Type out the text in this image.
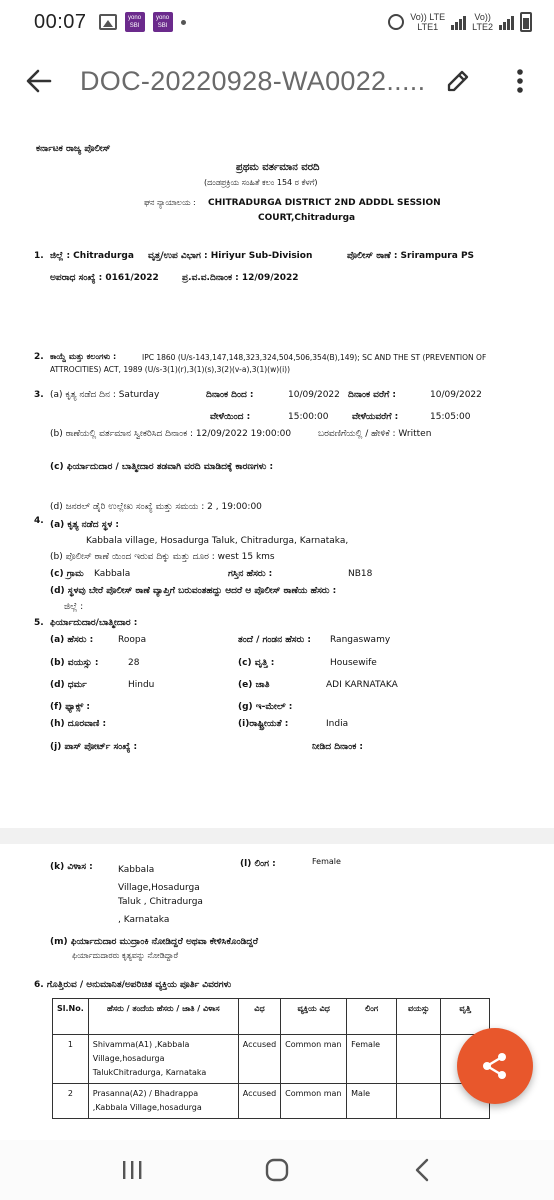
00:07	yono SBI
yono SBI
Vo)) LTE
LTE1
Vo))
LTE2
DOC-20220928-WA0022.....
ಕರ್ನಾಟಕ ರಾಜ್ಯ ಪೊಲೀಸ್
ಪ್ರಥಮ ವರ್ತಮಾನ ವರದಿ
(ದಂಡಪ್ರಕ್ರಿಯ ಸಂಹಿತೆ ಕಲಂ 154 ರ ಕೆಳಗೆ)
ಘನ ನ್ಯಾಯಾಲಯ : CHITRADURGA DISTRICT 2ND ADDDL SESSION
COURT,Chitradurga
1. ಜಿಲ್ಲೆ : Chitradurga ವೃತ್ತ/ಉಪ ವಿಭಾಗ : Hiriyur Sub-Division	ಪೊಲೀಸ್ ಠಾಣೆ : Srirampura PS
ಅಪರಾಧ ಸಂಖ್ಯೆ : 0161/2022	ಪ್ರ.ವ.ವ.ದಿನಾಂಕ : 12/09/2022
2. ಕಾಯ್ದೆ ಮತ್ತು ಕಲಂಗಳು :	IPC 1860 (U/s-143,147,148,323,324,504,506,354(B),149); SC AND THE ST (PREVENTION OF
ATTROCITIES) ACT, 1989 (U/s-3(1)(r),3(1)(s),3(2)(v-a),3(1)(w)(i))
3. (a) ಕೃತ್ಯ ನಡೆದ ದಿನ : Saturday	ದಿನಾಂಕ ದಿಂದ :	10/09/2022 ದಿನಾಂಕ ವರೆಗೆ :	10/09/2022
ವೇಳೆಯಿಂದ :	15:00:00	ವೇಳೆಯವರೆಗೆ :	15:05:00
(b) ಠಾಣೆಯಲ್ಲಿ ವರ್ತಮಾನ ಸ್ವೀಕರಿಸಿದ ದಿನಾಂಕ : 12/09/2022 19:00:00	ಬರವಣಿಗೆಯಲ್ಲಿ / ಹೇಳಿಕೆ : Written
(c) ಫಿರ್ಯಾದುದಾರ / ಬಾತ್ಮೀದಾರ ತಡವಾಗಿ ವರದಿ ಮಾಡಿದಕ್ಕೆ ಕಾರಣಗಳು :
(d) ಜನರಲ್ ಡೈರಿ ಉಲ್ಲೇಖ ಸಂಖ್ಯೆ ಮತ್ತು ಸಮಯ : 2 , 19:00:00
4. (a) ಕೃತ್ಯ ನಡೆದ ಸ್ಥಳ :
Kabbala village, Hosadurga Taluk, Chitradurga, Karnataka,
(b) ಪೊಲೀಸ್ ಠಾಣೆ ಯಿಂದ ಇರುವ ದಿಕ್ಕು ಮತ್ತು ದೂರ : west 15 kms
(c) ಗ್ರಾಮ Kabbala	ಗಸ್ತಿನ ಹೆಸರು :	NB18
(d) ಸ್ಥಳವು ಬೇರೆ ಪೊಲೀಸ್ ಠಾಣೆ ವ್ಯಾಪ್ತಿಗೆ ಬರುವಂತಹದ್ದು ಆದರೆ ಆ ಪೊಲೀಸ್ ಠಾಣೆಯ ಹೆಸರು :
ಜಿಲ್ಲೆ :
5. ಫಿರ್ಯಾದುದಾರ/ಬಾತ್ಮೀದಾರ :
(a) ಹೆಸರು :	Roopa	ತಂದೆ / ಗಂಡನ ಹೆಸರು : Rangaswamy
(b) ವಯಸ್ಸು :	28	(c) ವೃತ್ತಿ :	Housewife
(d) ಧರ್ಮ	Hindu	(e) ಜಾತಿ	ADI KARNATAKA
(f) ಫ್ಯಾಕ್ಸ್ :	(g) ಇ-ಮೇಲ್ :
(h) ದೂರವಾಣಿ :	(i)ರಾಷ್ಟ್ರೀಯತೆ :	India
(j) ಪಾಸ್ ಪೋರ್ಟ್ ಸಂಖ್ಯೆ :	ನೀಡಿದ ದಿನಾಂಕ :
(k) ವಿಳಾಸ :	Kabbala
Village,Hosadurga
Taluk , Chitradurga
, Karnataka
(l) ಲಿಂಗ :	Female
(m) ಫಿರ್ಯಾದುದಾರ ಮುದ್ರಾಂಕಿ ನೋಡಿದ್ದರೆ ಅಥವಾ ಕೇಳಿಸಿಕೊಂಡಿದ್ದರೆ
ಫಿರ್ಯಾದುದಾರರು ಕೃತ್ಯವನ್ನು ನೋಡಿದ್ದಾರೆ
6. ಗೊತ್ತಿರುವ / ಅನುಮಾನಿತ/ಅಪರಿಚಿತ ವ್ಯಕ್ತಿಯ ಪೂರ್ತಿ ವಿವರಗಳು
Sl.No.	ಹೆಸರು / ತಂದೆಯ ಹೆಸರು / ಜಾತಿ / ವಿಳಾಸ	ವಿಧ	ವ್ಯಕ್ತಿಯ ವಿಧ	ಲಿಂಗ	ವಯಸ್ಸು	ವೃತ್ತಿ
1	Shivamma(A1) ,Kabbala Village,hosadurga TalukChitradurga, Karnataka	Accused	Common man	Female		
2	Prasanna(A2) / Bhadrappa ,Kabbala Village,hosadurga	Accused	Common man	Male		
